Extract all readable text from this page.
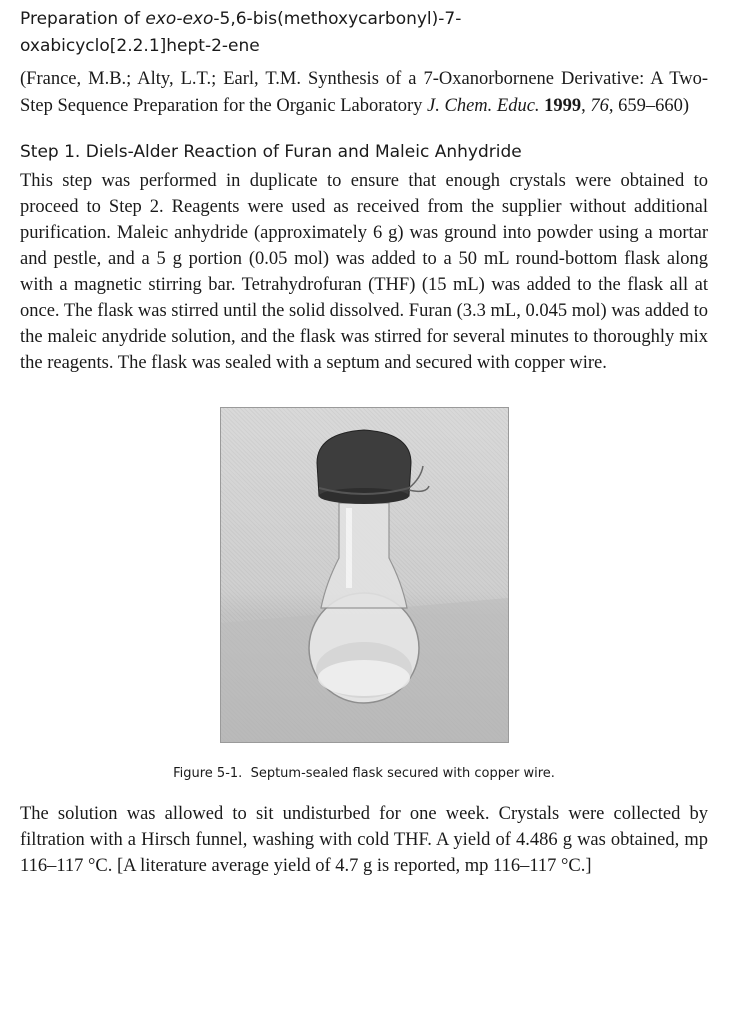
Preparation of exo-exo-5,6-bis(methoxycarbonyl)-7-
oxabicyclo[2.2.1]hept-2-ene

(France, M.B.; Alty, L.T.; Earl, T.M. Synthesis of a 7-Oxanorbornene Derivative: A Two-Step Sequence Preparation for the Organic Laboratory J. Chem. Educ. 1999, 76, 659–660)

Step 1. Diels-Alder Reaction of Furan and Maleic Anhydride

This step was performed in duplicate to ensure that enough crystals were obtained to proceed to Step 2. Reagents were used as received from the supplier without additional purification. Maleic anhydride (approximately 6 g) was ground into powder using a mortar and pestle, and a 5 g portion (0.05 mol) was added to a 50 mL round-bottom flask along with a magnetic stirring bar. Tetrahydrofuran (THF) (15 mL) was added to the flask all at once. The flask was stirred until the solid dissolved. Furan (3.3 mL, 0.045 mol) was added to the maleic anydride solution, and the flask was stirred for several minutes to thoroughly mix the reagents. The flask was sealed with a septum and secured with copper wire.

Figure 5-1. Septum-sealed flask secured with copper wire.

The solution was allowed to sit undisturbed for one week. Crystals were collected by filtration with a Hirsch funnel, washing with cold THF. A yield of 4.486 g was obtained, mp 116–117 °C. [A literature average yield of 4.7 g is reported, mp 116–117 °C.]
